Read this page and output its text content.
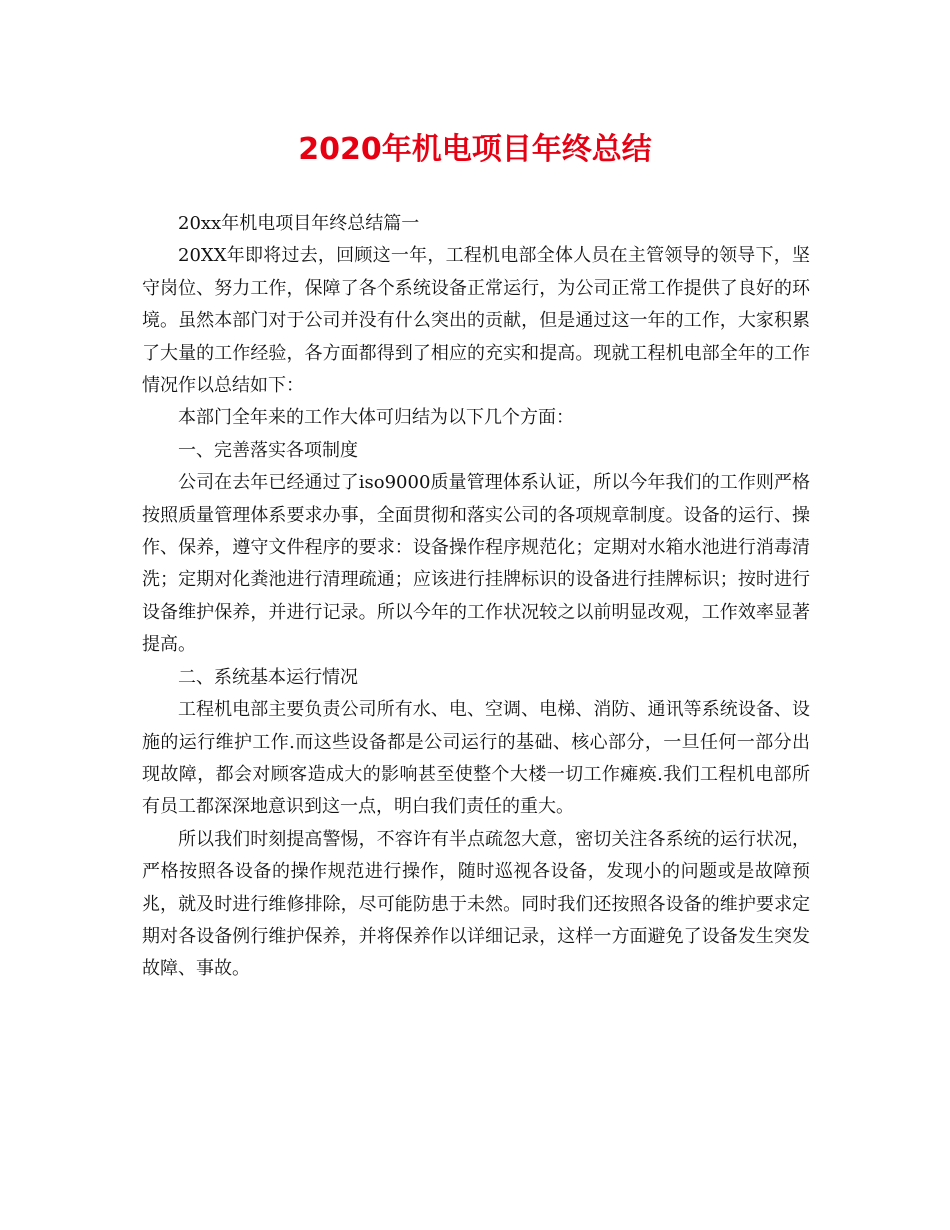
2020年机电项目年终总结

20xx年机电项目年终总结篇一

20XX年即将过去，回顾这一年，工程机电部全体人员在主管领导的领导下，坚守岗位、努力工作，保障了各个系统设备正常运行，为公司正常工作提供了良好的环境。虽然本部门对于公司并没有什么突出的贡献，但是通过这一年的工作，大家积累了大量的工作经验，各方面都得到了相应的充实和提高。现就工程机电部全年的工作情况作以总结如下：

本部门全年来的工作大体可归结为以下几个方面：

一、完善落实各项制度

公司在去年已经通过了iso9000质量管理体系认证，所以今年我们的工作则严格按照质量管理体系要求办事，全面贯彻和落实公司的各项规章制度。设备的运行、操作、保养，遵守文件程序的要求：设备操作程序规范化；定期对水箱水池进行消毒清洗；定期对化粪池进行清理疏通；应该进行挂牌标识的设备进行挂牌标识；按时进行设备维护保养，并进行记录。所以今年的工作状况较之以前明显改观，工作效率显著提高。

二、系统基本运行情况

工程机电部主要负责公司所有水、电、空调、电梯、消防、通讯等系统设备、设施的运行维护工作.而这些设备都是公司运行的基础、核心部分，一旦任何一部分出现故障，都会对顾客造成大的影响甚至使整个大楼一切工作瘫痪.我们工程机电部所有员工都深深地意识到这一点，明白我们责任的重大。

所以我们时刻提高警惕，不容许有半点疏忽大意，密切关注各系统的运行状况，严格按照各设备的操作规范进行操作，随时巡视各设备，发现小的问题或是故障预兆，就及时进行维修排除，尽可能防患于未然。同时我们还按照各设备的维护要求定期对各设备例行维护保养，并将保养作以详细记录，这样一方面避免了设备发生突发故障、事故。
